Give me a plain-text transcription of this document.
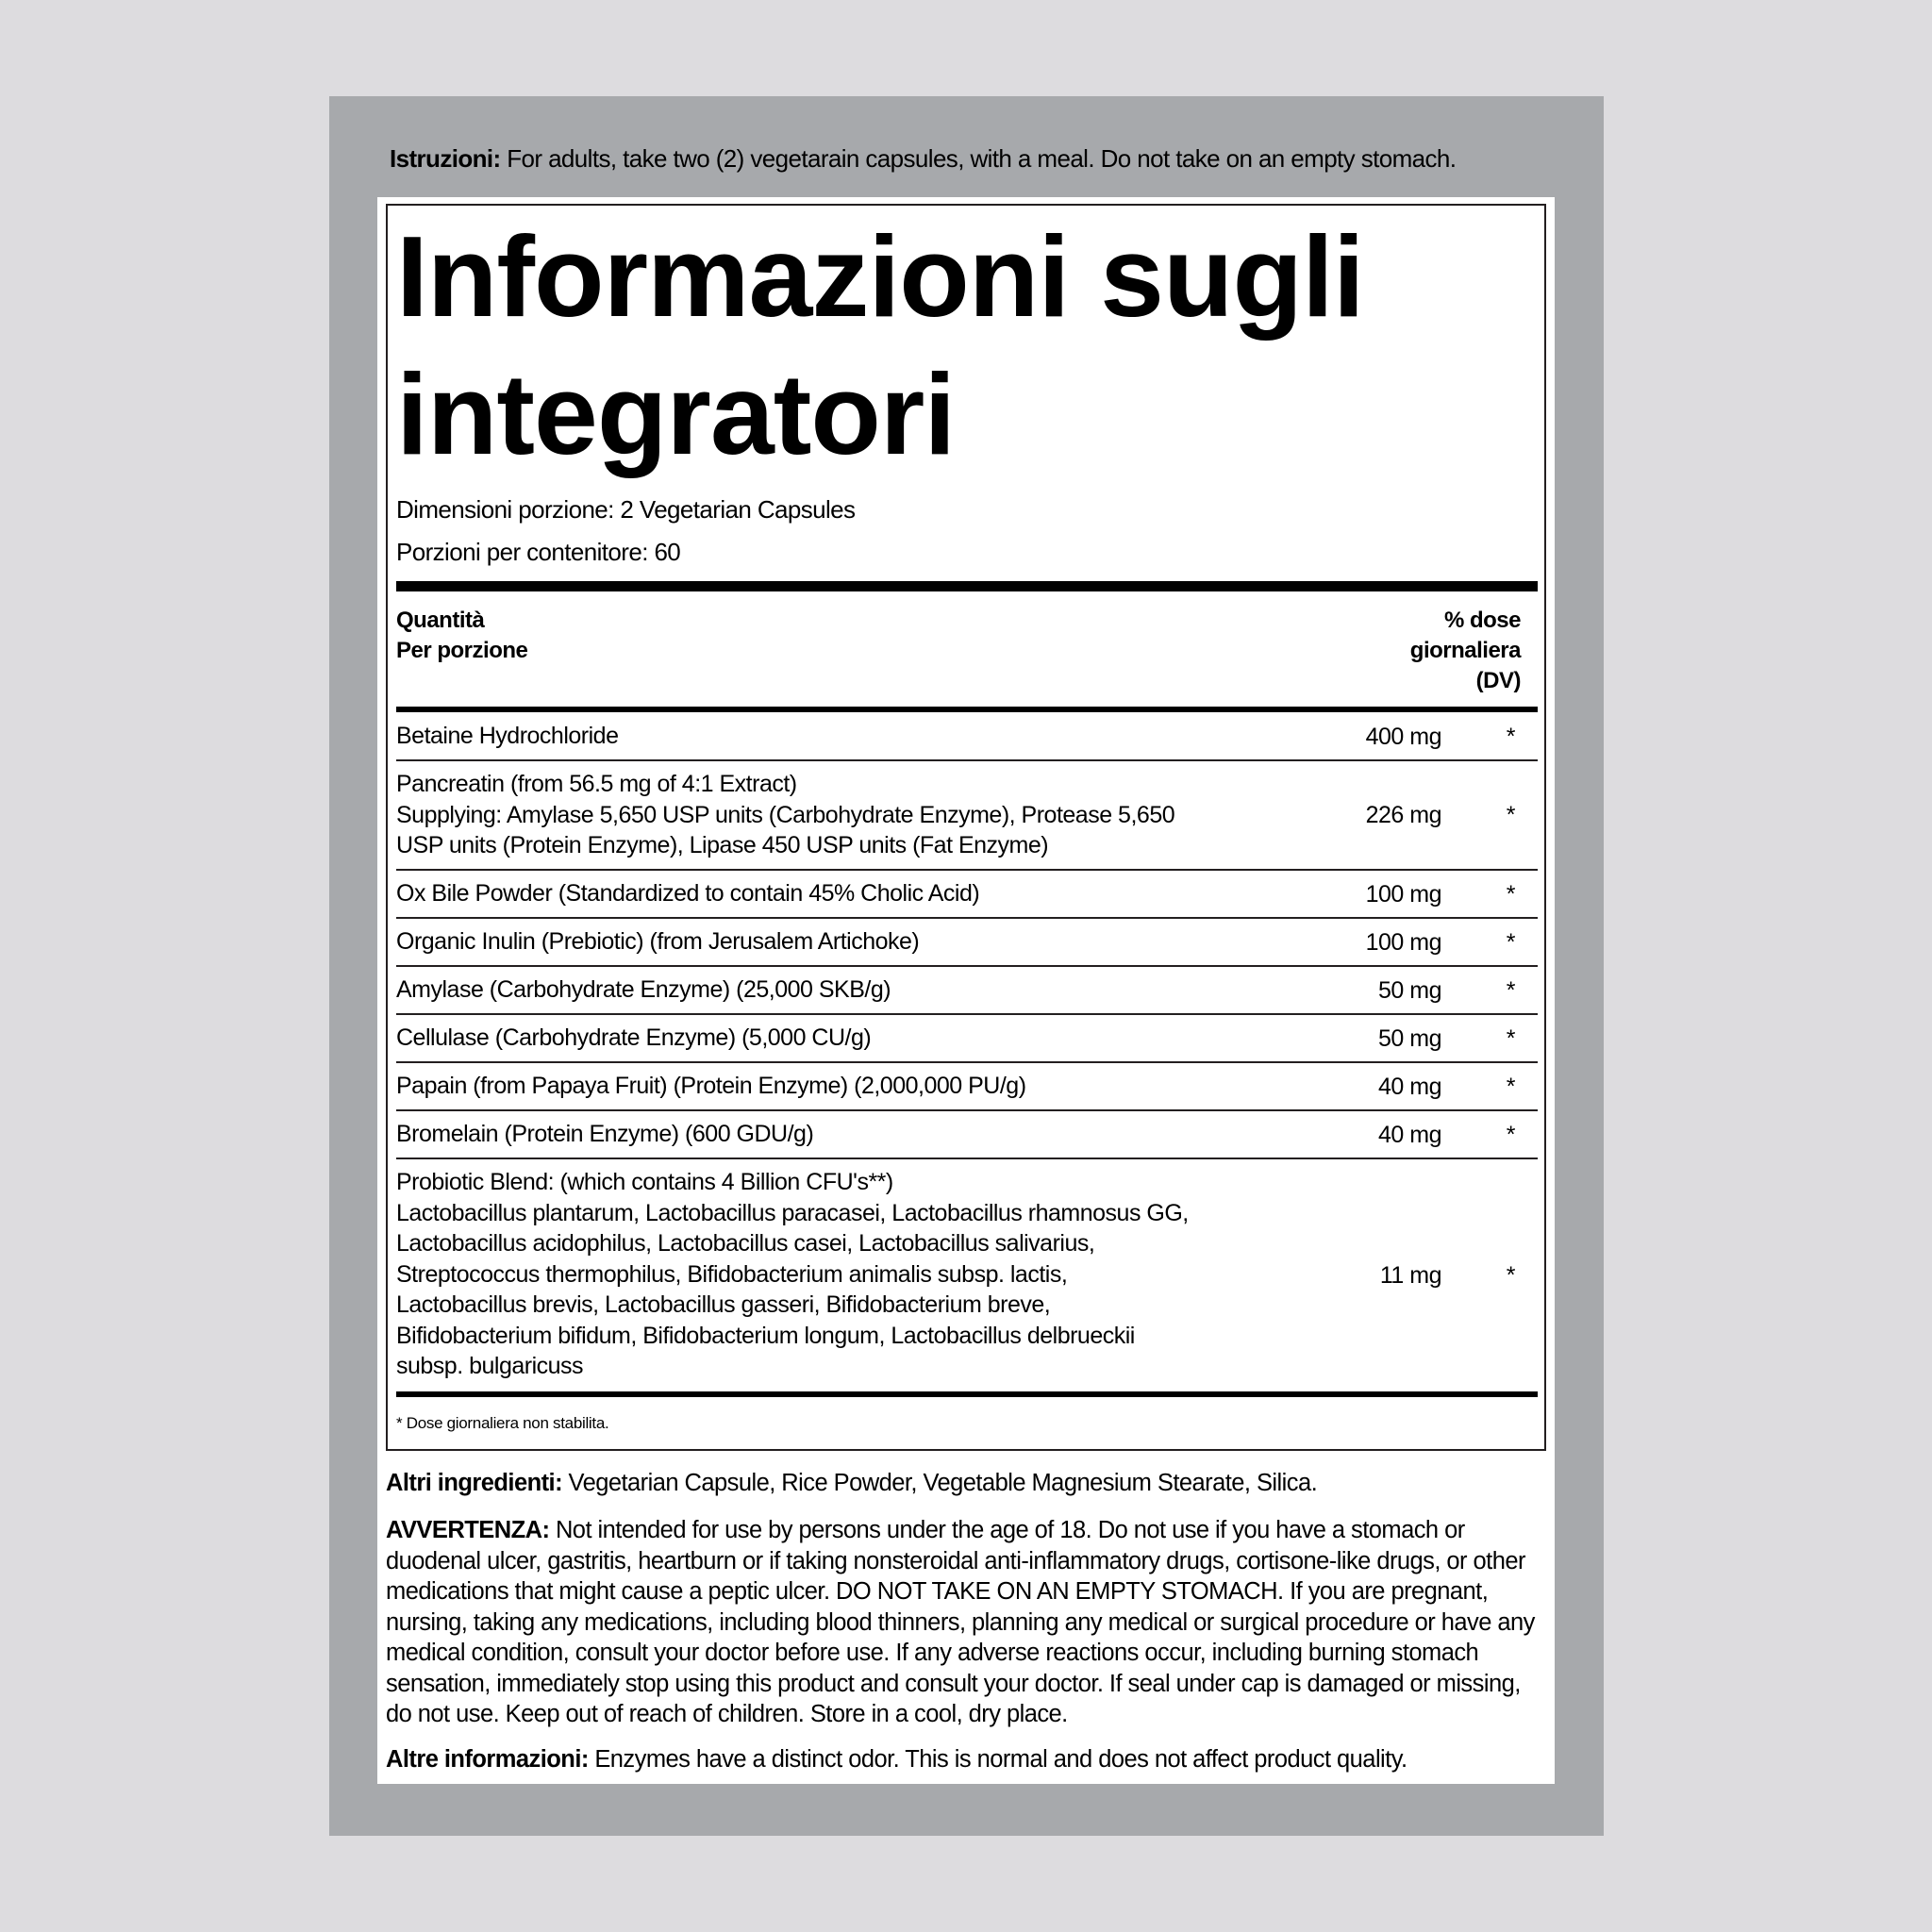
Istruzioni: For adults, take two (2) vegetarain capsules, with a meal. Do not take on an empty stomach.
Informazioni sugli integratori
Dimensioni porzione: 2 Vegetarian Capsules
Porzioni per contenitore: 60
Quantità
Per porzione
% dose
giornaliera
(DV)
Betaine Hydrochloride	400 mg	*
Pancreatin (from 56.5 mg of 4:1 Extract)
Supplying: Amylase 5,650 USP units (Carbohydrate Enzyme), Protease 5,650
USP units (Protein Enzyme), Lipase 450 USP units (Fat Enzyme)
226 mg	*
Ox Bile Powder (Standardized to contain 45% Cholic Acid)	100 mg	*
Organic Inulin (Prebiotic) (from Jerusalem Artichoke)	100 mg	*
Amylase (Carbohydrate Enzyme) (25,000 SKB/g)	50 mg	*
Cellulase (Carbohydrate Enzyme) (5,000 CU/g)	50 mg	*
Papain (from Papaya Fruit) (Protein Enzyme) (2,000,000 PU/g)	40 mg	*
Bromelain (Protein Enzyme) (600 GDU/g)	40 mg	*
Probiotic Blend: (which contains 4 Billion CFU's**)
Lactobacillus plantarum, Lactobacillus paracasei, Lactobacillus rhamnosus GG,
Lactobacillus acidophilus, Lactobacillus casei, Lactobacillus salivarius,
Streptococcus thermophilus, Bifidobacterium animalis subsp. lactis,
Lactobacillus brevis, Lactobacillus gasseri, Bifidobacterium breve,
Bifidobacterium bifidum, Bifidobacterium longum, Lactobacillus delbrueckii
subsp. bulgaricuss
11 mg	*
* Dose giornaliera non stabilita.
Altri ingredienti: Vegetarian Capsule, Rice Powder, Vegetable Magnesium Stearate, Silica.
AVVERTENZA: Not intended for use by persons under the age of 18. Do not use if you have a stomach or duodenal ulcer, gastritis, heartburn or if taking nonsteroidal anti-inflammatory drugs, cortisone-like drugs, or other medications that might cause a peptic ulcer. DO NOT TAKE ON AN EMPTY STOMACH. If you are pregnant, nursing, taking any medications, including blood thinners, planning any medical or surgical procedure or have any medical condition, consult your doctor before use. If any adverse reactions occur, including burning stomach sensation, immediately stop using this product and consult your doctor. If seal under cap is damaged or missing, do not use. Keep out of reach of children. Store in a cool, dry place.
Altre informazioni: Enzymes have a distinct odor. This is normal and does not affect product quality.
